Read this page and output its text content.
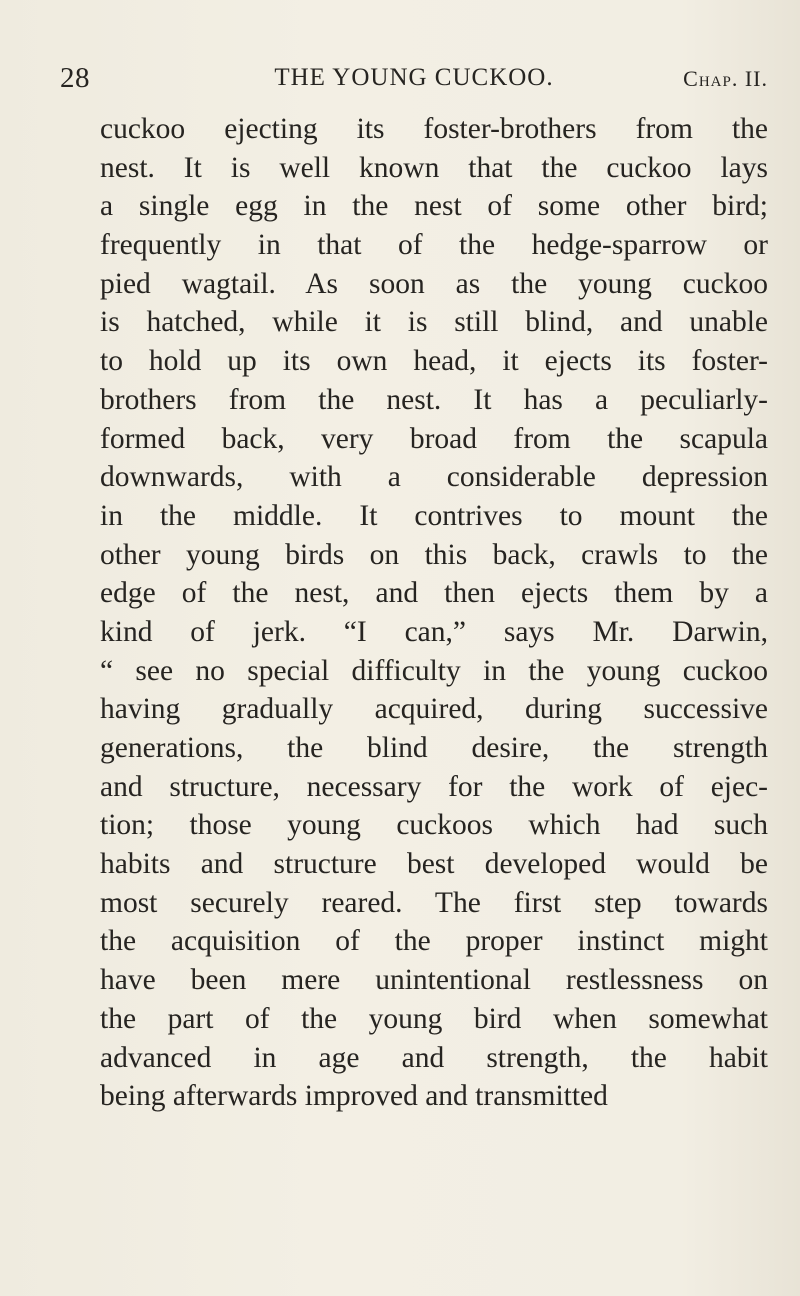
28	THE YOUNG CUCKOO.	Chap. II.
cuckoo ejecting its foster-brothers from the
nest. It is well known that the cuckoo lays
a single egg in the nest of some other bird;
frequently in that of the hedge-sparrow or
pied wagtail. As soon as the young cuckoo
is hatched, while it is still blind, and unable
to hold up its own head, it ejects its foster-
brothers from the nest. It has a peculiarly-
formed back, very broad from the scapula
downwards, with a considerable depression
in the middle. It contrives to mount the
other young birds on this back, crawls to the
edge of the nest, and then ejects them by a
kind of jerk. “I can,” says Mr. Darwin,
“ see no special difficulty in the young cuckoo
having gradually acquired, during successive
generations, the blind desire, the strength
and structure, necessary for the work of ejec-
tion; those young cuckoos which had such
habits and structure best developed would be
most securely reared. The first step towards
the acquisition of the proper instinct might
have been mere unintentional restlessness on
the part of the young bird when somewhat
advanced in age and strength, the habit
being afterwards improved and transmitted
